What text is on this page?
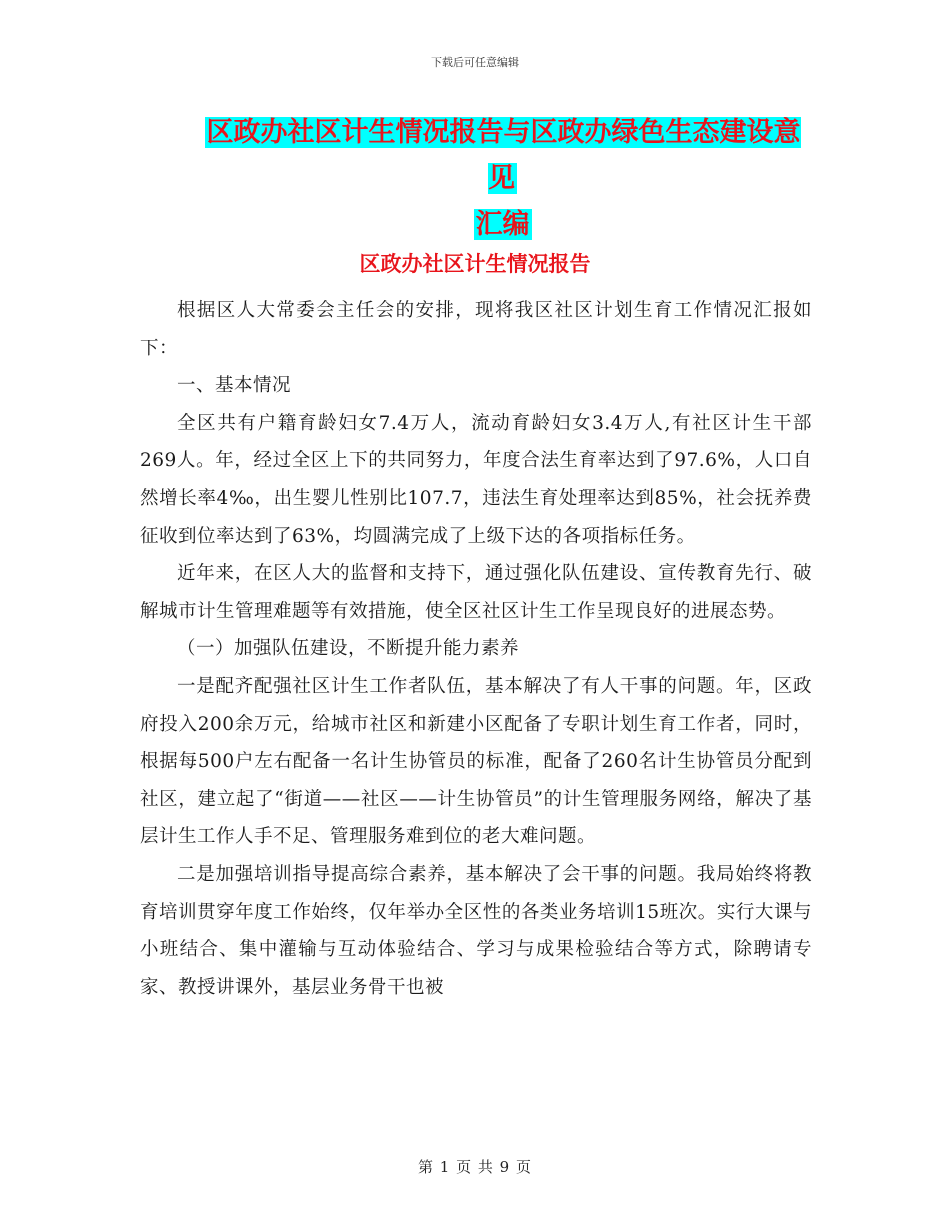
下载后可任意编辑
区政办社区计生情况报告与区政办绿色生态建设意见
汇编
区政办社区计生情况报告

根据区人大常委会主任会的安排，现将我区社区计划生育工作情况汇报如下：

一、基本情况

全区共有户籍育龄妇女7.4万人，流动育龄妇女3.4万人,有社区计生干部269人。年，经过全区上下的共同努力，年度合法生育率达到了97.6%，人口自然增长率4‰，出生婴儿性别比107.7，违法生育处理率达到85%，社会抚养费征收到位率达到了63%，均圆满完成了上级下达的各项指标任务。

近年来，在区人大的监督和支持下，通过强化队伍建设、宣传教育先行、破解城市计生管理难题等有效措施，使全区社区计生工作呈现良好的进展态势。

（一）加强队伍建设，不断提升能力素养

一是配齐配强社区计生工作者队伍，基本解决了有人干事的问题。年，区政府投入200余万元，给城市社区和新建小区配备了专职计划生育工作者，同时，根据每500户左右配备一名计生协管员的标准，配备了260名计生协管员分配到社区，建立起了“街道——社区——计生协管员”的计生管理服务网络，解决了基层计生工作人手不足、管理服务难到位的老大难问题。

二是加强培训指导提高综合素养，基本解决了会干事的问题。我局始终将教育培训贯穿年度工作始终，仅年举办全区性的各类业务培训15班次。实行大课与小班结合、集中灌输与互动体验结合、学习与成果检验结合等方式，除聘请专家、教授讲课外，基层业务骨干也被

第 1 页 共 9 页
